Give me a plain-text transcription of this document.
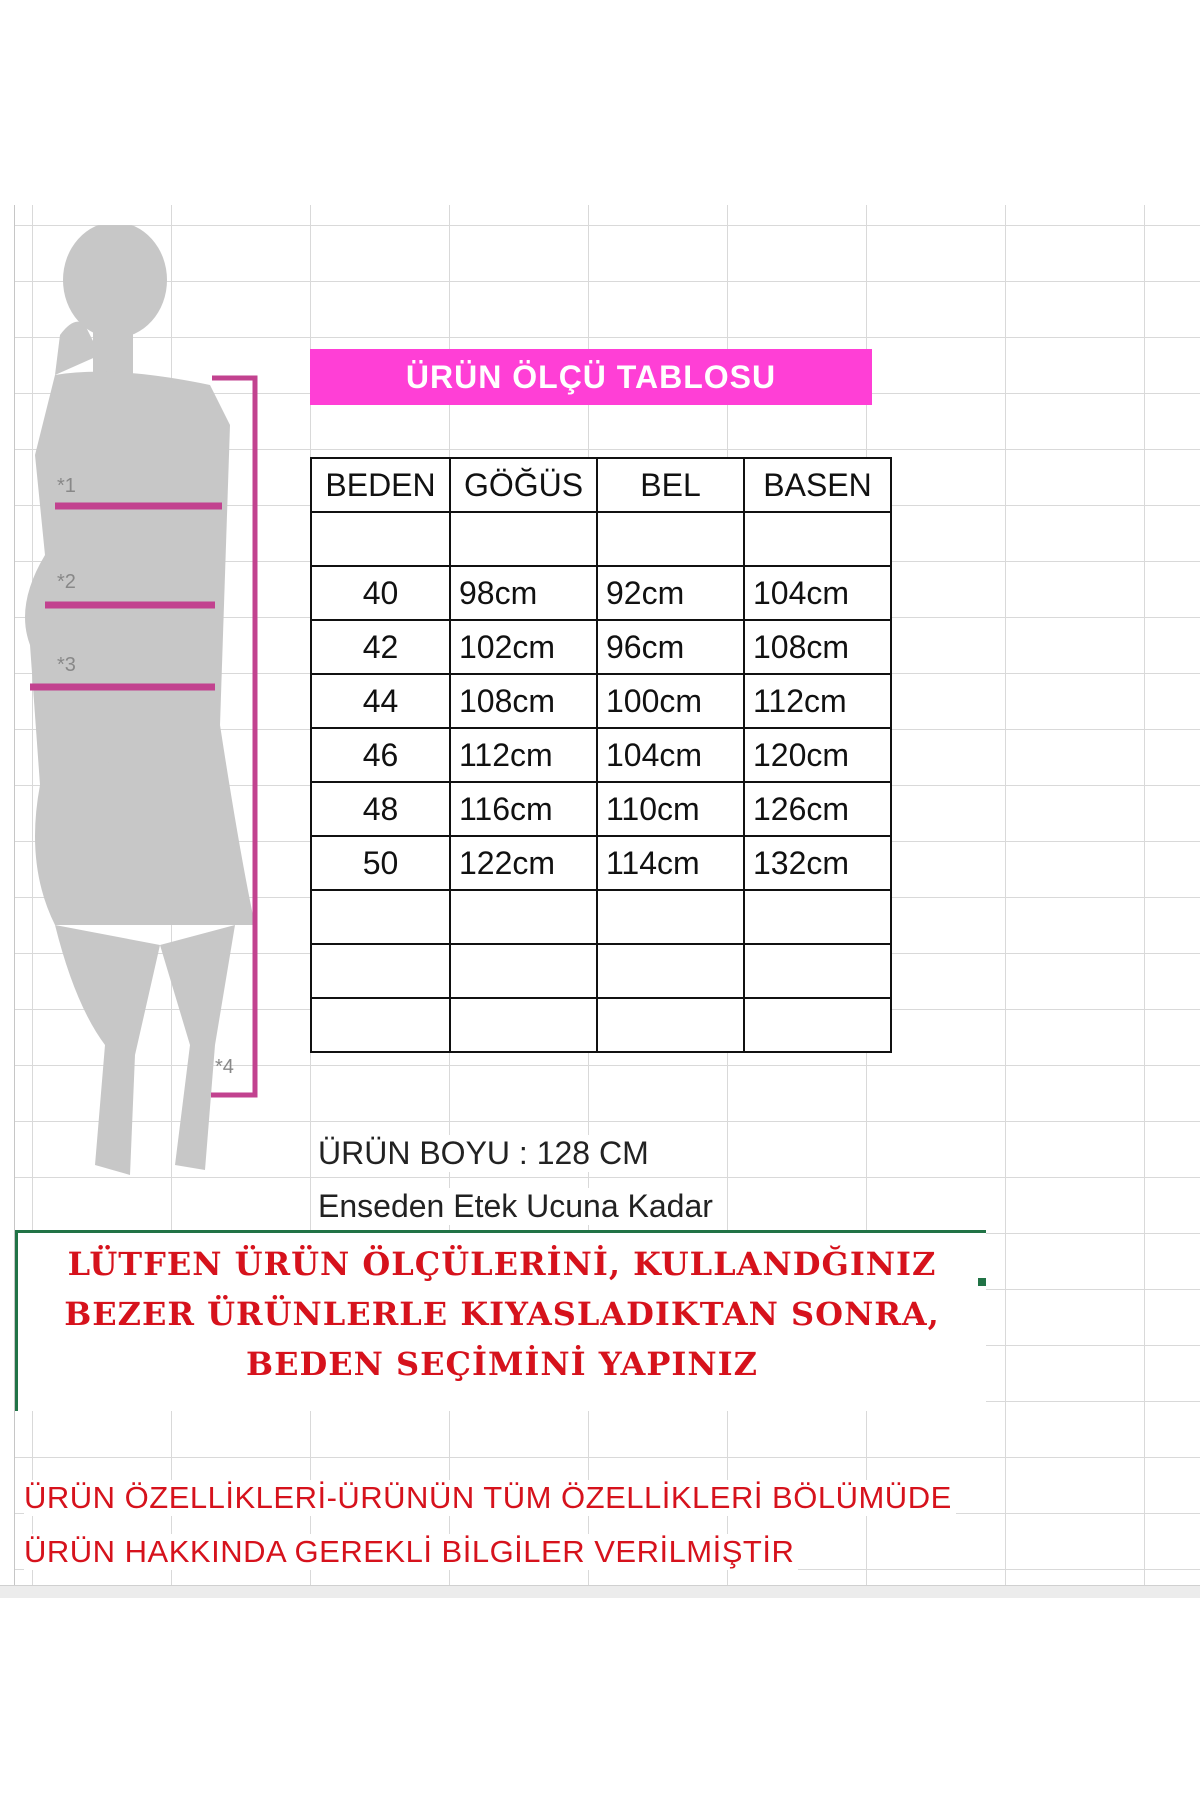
*1
*2
*3
*4
ÜRÜN ÖLÇÜ TABLOSU
BEDEN	GÖĞÜS	BEL	BASEN

40	98cm	92cm	104cm
42	102cm	96cm	108cm
44	108cm	100cm	112cm
46	112cm	104cm	120cm
48	116cm	110cm	126cm
50	122cm	114cm	132cm

ÜRÜN BOYU : 128 CM
Enseden Etek Ucuna Kadar
LÜTFEN ÜRÜN ÖLÇÜLERİNİ, KULLANDĞINIZ
BEZER ÜRÜNLERLE KIYASLADIKTAN SONRA,
BEDEN SEÇİMİNİ YAPINIZ
ÜRÜN ÖZELLİKLERİ-ÜRÜNÜN TÜM ÖZELLİKLERİ BÖLÜMÜDE
ÜRÜN HAKKINDA GEREKLİ BİLGİLER VERİLMİŞTİR
